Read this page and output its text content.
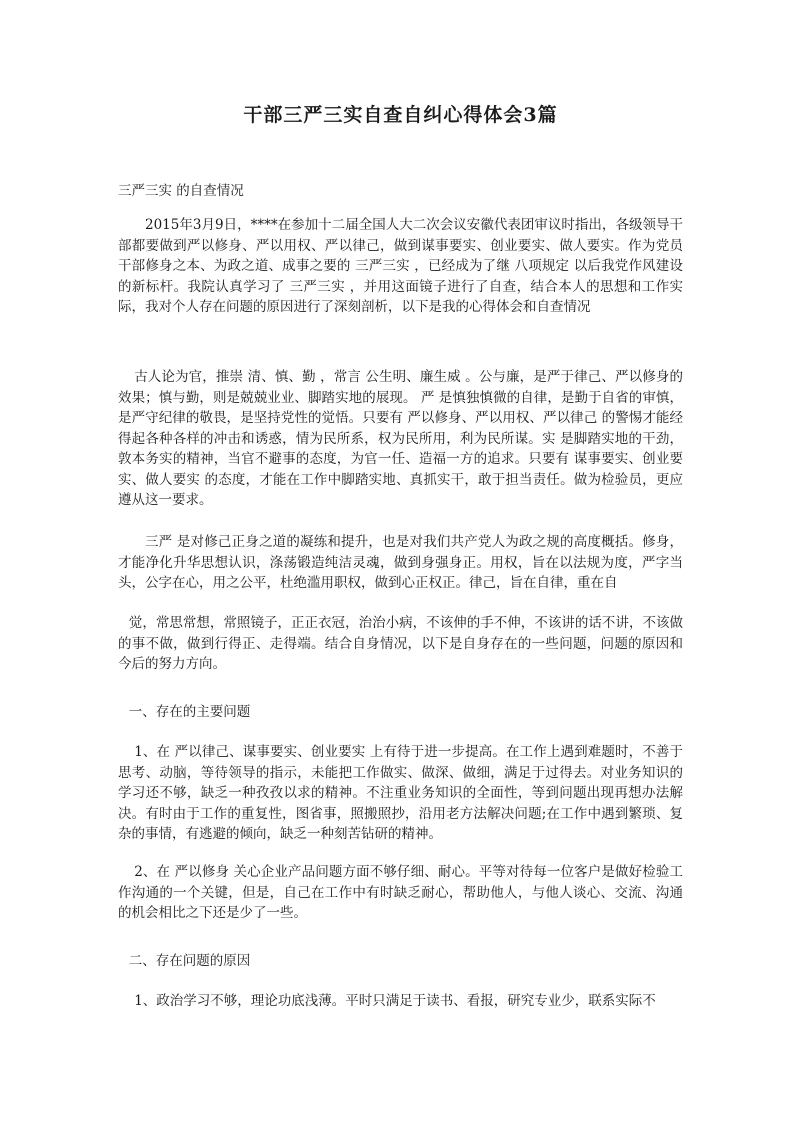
干部三严三实自查自纠心得体会3篇

三严三实 的自查情况

2015年3月9日，****在参加十二届全国人大二次会议安徽代表团审议时指出，各级领导干部都要做到严以修身、严以用权、严以律己，做到谋事要实、创业要实、做人要实。作为党员干部修身之本、为政之道、成事之要的 三严三实 ，已经成为了继 八项规定 以后我党作风建设的新标杆。我院认真学习了 三严三实 ，并用这面镜子进行了自查，结合本人的思想和工作实际，我对个人存在问题的原因进行了深刻剖析，以下是我的心得体会和自查情况

古人论为官，推崇 清、慎、勤 ，常言 公生明、廉生威 。公与廉，是严于律己、严以修身的效果；慎与勤，则是兢兢业业、脚踏实地的展现。 严 是慎独慎微的自律，是勤于自省的审慎，是严守纪律的敬畏，是坚持党性的觉悟。只要有 严以修身、严以用权、严以律己 的警惕才能经得起各种各样的冲击和诱惑，情为民所系，权为民所用，利为民所谋。实 是脚踏实地的干劲，敦本务实的精神，当官不避事的态度，为官一任、造福一方的追求。只要有 谋事要实、创业要实、做人要实 的态度，才能在工作中脚踏实地、真抓实干，敢于担当责任。做为检验员，更应遵从这一要求。

三严 是对修己正身之道的凝练和提升，也是对我们共产党人为政之规的高度概括。修身，才能净化升华思想认识，涤荡锻造纯洁灵魂，做到身强身正。用权，旨在以法规为度，严字当头，公字在心，用之公平，杜绝滥用职权，做到心正权正。律己，旨在自律，重在自

觉，常思常想，常照镜子，正正衣冠，治治小病，不该伸的手不伸，不该讲的话不讲，不该做的事不做，做到行得正、走得端。结合自身情况，以下是自身存在的一些问题，问题的原因和今后的努力方向。

一、存在的主要问题

1、在 严以律己、谋事要实、创业要实 上有待于进一步提高。在工作上遇到难题时，不善于思考、动脑，等待领导的指示，未能把工作做实、做深、做细，满足于过得去。对业务知识的学习还不够，缺乏一种孜孜以求的精神。不注重业务知识的全面性，等到问题出现再想办法解决。有时由于工作的重复性，图省事，照搬照抄，沿用老方法解决问题;在工作中遇到繁琐、复杂的事情，有逃避的倾向，缺乏一种刻苦钻研的精神。

2、在 严以修身 关心企业产品问题方面不够仔细、耐心。平等对待每一位客户是做好检验工作沟通的一个关键，但是，自己在工作中有时缺乏耐心，帮助他人，与他人谈心、交流、沟通的机会相比之下还是少了一些。

二、存在问题的原因

1、政治学习不够，理论功底浅薄。平时只满足于读书、看报，研究专业少，联系实际不
